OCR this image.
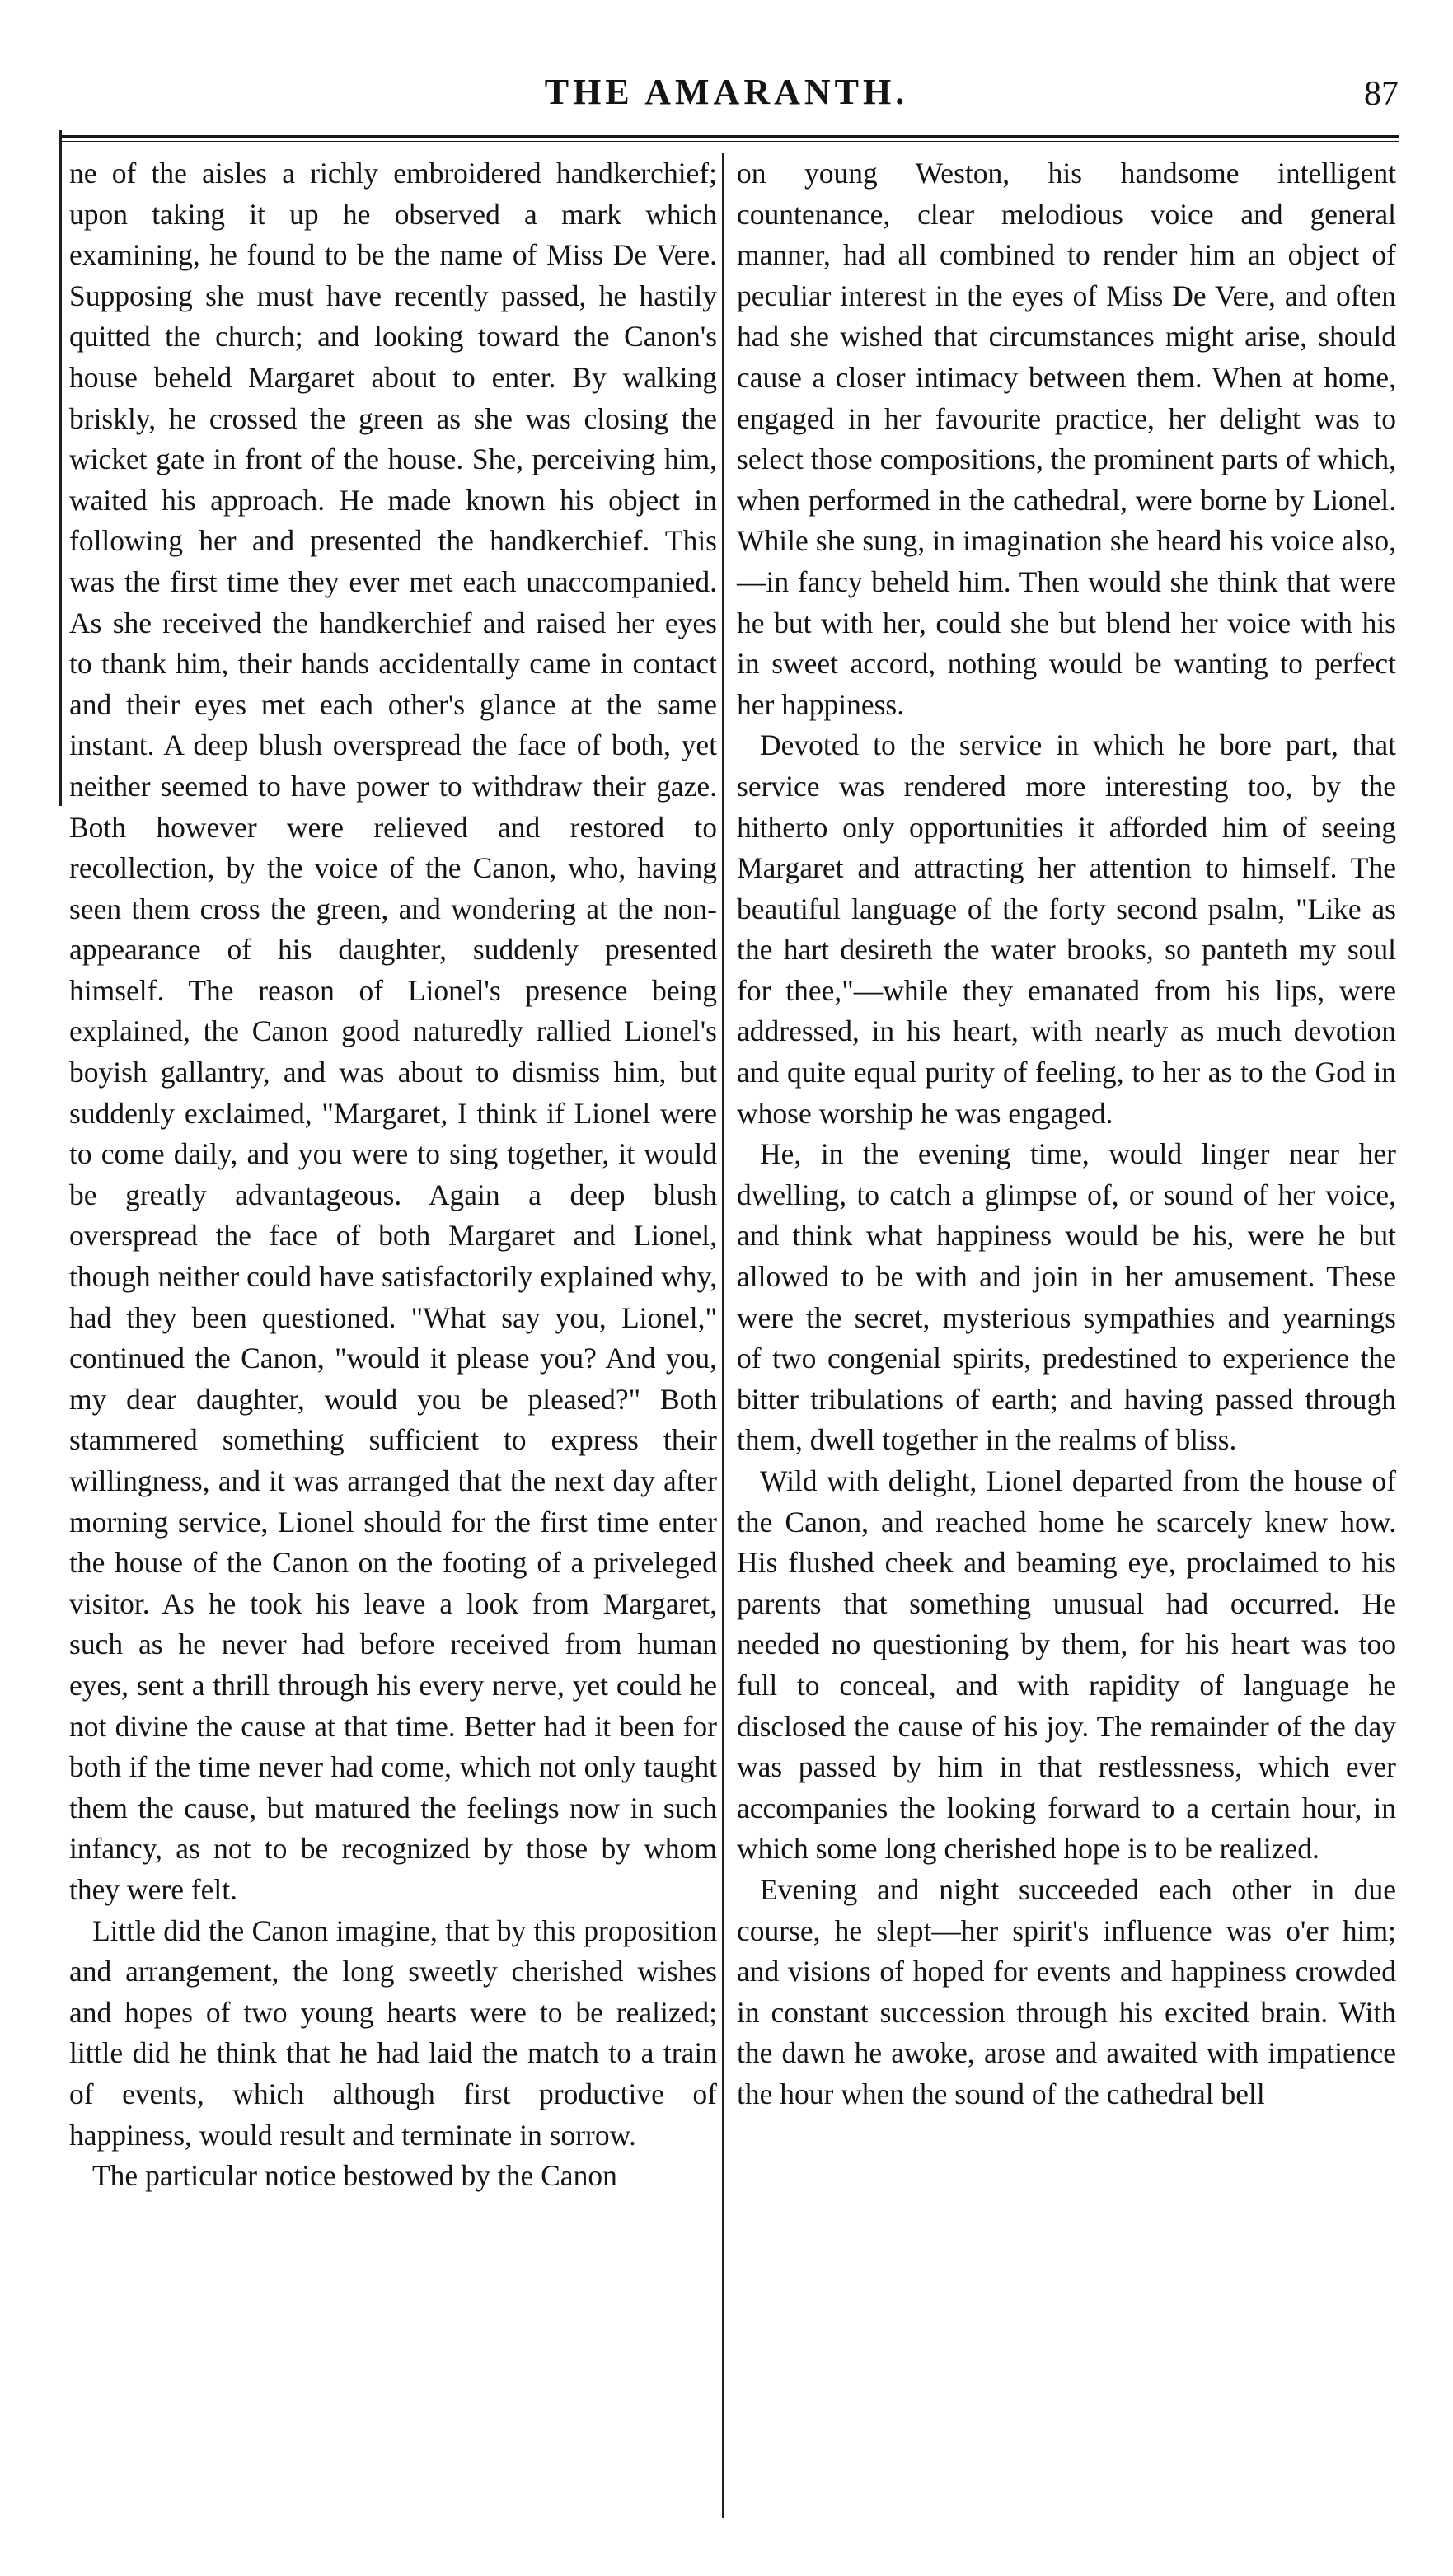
THE AMARANTH.	87

ne of the aisles a richly embroidered handkerchief; upon taking it up he observed a mark which examining, he found to be the name of Miss De Vere. Supposing she must have recently passed, he hastily quitted the church; and looking toward the Canon's house beheld Margaret about to enter. By walking briskly, he crossed the green as she was closing the wicket gate in front of the house. She, perceiving him, waited his approach. He made known his object in following her and presented the handkerchief. This was the first time they ever met each unaccompanied. As she received the handkerchief and raised her eyes to thank him, their hands accidentally came in contact and their eyes met each other's glance at the same instant. A deep blush overspread the face of both, yet neither seemed to have power to withdraw their gaze. Both however were relieved and restored to recollection, by the voice of the Canon, who, having seen them cross the green, and wondering at the non-appearance of his daughter, suddenly presented himself. The reason of Lionel's presence being explained, the Canon good naturedly rallied Lionel's boyish gallantry, and was about to dismiss him, but suddenly exclaimed, "Margaret, I think if Lionel were to come daily, and you were to sing together, it would be greatly advantageous. Again a deep blush overspread the face of both Margaret and Lionel, though neither could have satisfactorily explained why, had they been questioned. "What say you, Lionel," continued the Canon, "would it please you? And you, my dear daughter, would you be pleased?" Both stammered something sufficient to express their willingness, and it was arranged that the next day after morning service, Lionel should for the first time enter the house of the Canon on the footing of a priveleged visitor. As he took his leave a look from Margaret, such as he never had before received from human eyes, sent a thrill through his every nerve, yet could he not divine the cause at that time. Better had it been for both if the time never had come, which not only taught them the cause, but matured the feelings now in such infancy, as not to be recognized by those by whom they were felt.

Little did the Canon imagine, that by this proposition and arrangement, the long sweetly cherished wishes and hopes of two young hearts were to be realized; little did he think that he had laid the match to a train of events, which although first productive of happiness, would result and terminate in sorrow.

The particular notice bestowed by the Canon

on young Weston, his handsome intelligent countenance, clear melodious voice and general manner, had all combined to render him an object of peculiar interest in the eyes of Miss De Vere, and often had she wished that circumstances might arise, should cause a closer intimacy between them. When at home, engaged in her favourite practice, her delight was to select those compositions, the prominent parts of which, when performed in the cathedral, were borne by Lionel. While she sung, in imagination she heard his voice also,—in fancy beheld him. Then would she think that were he but with her, could she but blend her voice with his in sweet accord, nothing would be wanting to perfect her happiness.

Devoted to the service in which he bore part, that service was rendered more interesting too, by the hitherto only opportunities it afforded him of seeing Margaret and attracting her attention to himself. The beautiful language of the forty second psalm, "Like as the hart desireth the water brooks, so panteth my soul for thee,"—while they emanated from his lips, were addressed, in his heart, with nearly as much devotion and quite equal purity of feeling, to her as to the God in whose worship he was engaged.

He, in the evening time, would linger near her dwelling, to catch a glimpse of, or sound of her voice, and think what happiness would be his, were he but allowed to be with and join in her amusement. These were the secret, mysterious sympathies and yearnings of two congenial spirits, predestined to experience the bitter tribulations of earth; and having passed through them, dwell together in the realms of bliss.

Wild with delight, Lionel departed from the house of the Canon, and reached home he scarcely knew how. His flushed cheek and beaming eye, proclaimed to his parents that something unusual had occurred. He needed no questioning by them, for his heart was too full to conceal, and with rapidity of language he disclosed the cause of his joy. The remainder of the day was passed by him in that restlessness, which ever accompanies the looking forward to a certain hour, in which some long cherished hope is to be realized.

Evening and night succeeded each other in due course, he slept—her spirit's influence was o'er him; and visions of hoped for events and happiness crowded in constant succession through his excited brain. With the dawn he awoke, arose and awaited with impatience the hour when the sound of the cathedral bell
